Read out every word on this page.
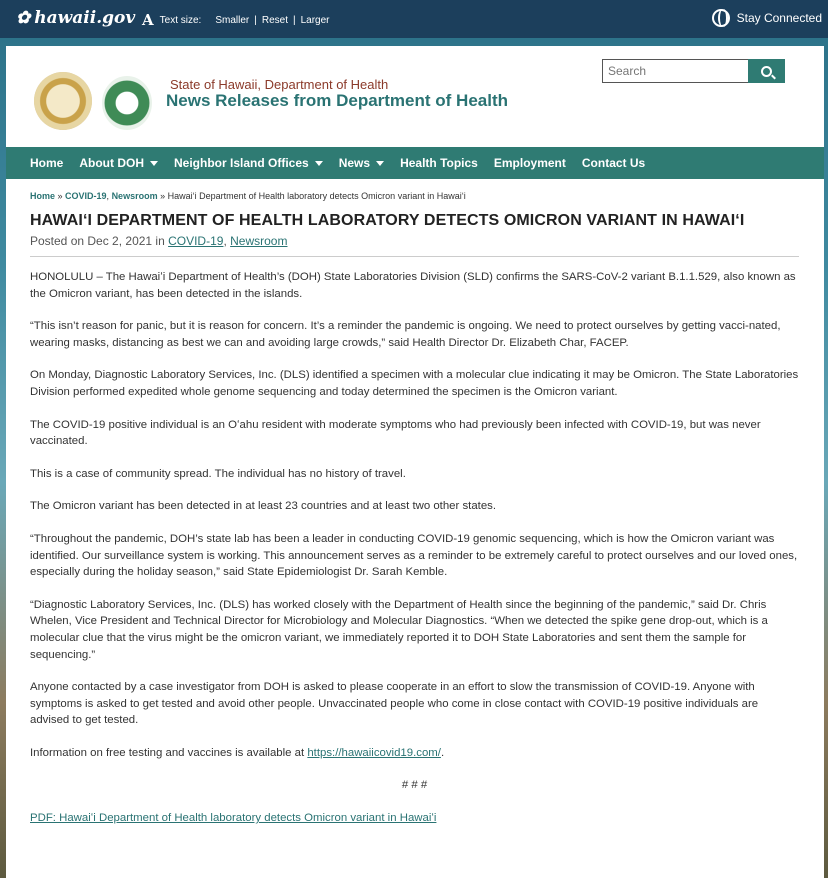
✿ hawaii.gov A Text size: Smaller | Reset | Larger	Stay Connected
State of Hawaii, Department of Health
News Releases from Department of Health
Search
Home About DOH	Neighbor Island Offices	News	Health Topics Employment Contact Us
Home » COVID-19, Newsroom » Hawaiʻi Department of Health laboratory detects Omicron variant in Hawaiʻi
HAWAIʻI DEPARTMENT OF HEALTH LABORATORY DETECTS OMICRON VARIANT IN HAWAIʻI
Posted on Dec 2, 2021 in COVID-19, Newsroom

HONOLULU – The Hawaiʻi Department of Health’s (DOH) State Laboratories Division (SLD) confirms the SARS-CoV-2 variant B.1.1.529, also known as the Omicron variant, has been detected in the islands.

“This isn’t reason for panic, but it is reason for concern. It’s a reminder the pandemic is ongoing. We need to protect ourselves by getting vacci-nated, wearing masks, distancing as best we can and avoiding large crowds,” said Health Director Dr. Elizabeth Char, FACEP.

On Monday, Diagnostic Laboratory Services, Inc. (DLS) identified a specimen with a molecular clue indicating it may be Omicron. The State Laboratories Division performed expedited whole genome sequencing and today determined the specimen is the Omicron variant.

The COVID-19 positive individual is an Oʻahu resident with moderate symptoms who had previously been infected with COVID-19, but was never vaccinated.

This is a case of community spread. The individual has no history of travel.

The Omicron variant has been detected in at least 23 countries and at least two other states.

“Throughout the pandemic, DOH’s state lab has been a leader in conducting COVID-19 genomic sequencing, which is how the Omicron variant was identified. Our surveillance system is working. This announcement serves as a reminder to be extremely careful to protect ourselves and our loved ones, especially during the holiday season,” said State Epidemiologist Dr. Sarah Kemble.

“Diagnostic Laboratory Services, Inc. (DLS) has worked closely with the Department of Health since the beginning of the pandemic,” said Dr. Chris Whelen, Vice President and Technical Director for Microbiology and Molecular Diagnostics. “When we detected the spike gene drop-out, which is a molecular clue that the virus might be the omicron variant, we immediately reported it to DOH State Laboratories and sent them the sample for sequencing.”

Anyone contacted by a case investigator from DOH is asked to please cooperate in an effort to slow the transmission of COVID-19. Anyone with symptoms is asked to get tested and avoid other people. Unvaccinated people who come in close contact with COVID-19 positive individuals are advised to get tested.

Information on free testing and vaccines is available at https://hawaiicovid19.com/.

# # #

PDF: Hawaiʻi Department of Health laboratory detects Omicron variant in Hawaiʻi
